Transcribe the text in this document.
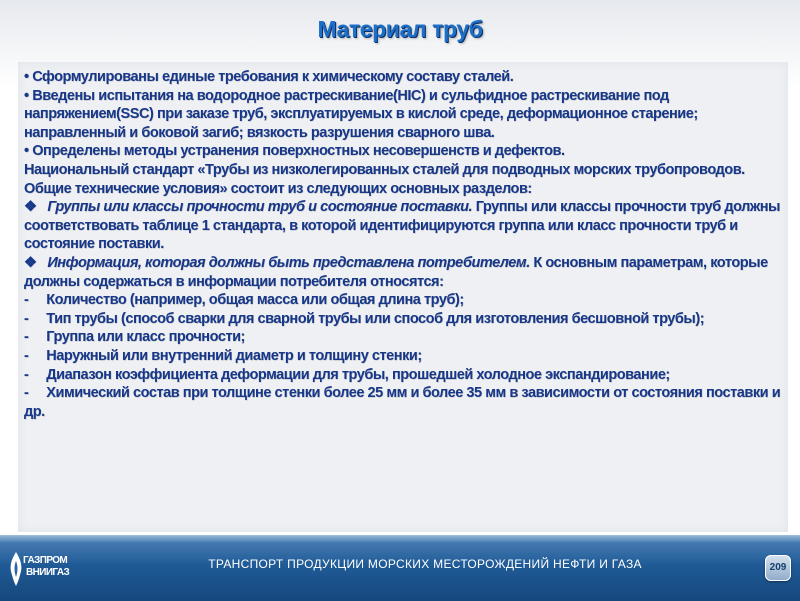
Материал труб

• Сформулированы единые требования к химическому составу сталей.

• Введены испытания на водородное растрескивание(HIC) и сульфидное растрескивание под напряжением(SSC) при заказе труб, эксплуатируемых в кислой среде, деформационное старение; направленный и боковой загиб; вязкость разрушения сварного шва.

• Определены методы устранения поверхностных несовершенств и дефектов.

Национальный стандарт «Трубы из низколегированных сталей для подводных морских трубопроводов. Общие технические условия» состоит из следующих основных разделов:

❖ Группы или классы прочности труб и состояние поставки. Группы или классы прочности труб должны соответствовать таблице 1 стандарта, в которой идентифицируются группа или класс прочности труб и состояние поставки.

❖ Информация, которая должны быть представлена потребителем. К основным параметрам, которые должны содержаться в информации потребителя относятся:

-     Количество (например, общая масса или общая длина труб);

-     Тип трубы (способ сварки для сварной трубы или способ для изготовления бесшовной трубы);

-     Группа или класс прочности;

-     Наружный или внутренний диаметр и толщину стенки;

-     Диапазон коэффициента деформации для трубы, прошедшей холодное экспандирование;

-     Химический состав при толщине стенки более 25 мм и более 35 мм в зависимости от состояния поставки и др.

ГАЗПРОМ
ВНИИГАЗ
ТРАНСПОРТ ПРОДУКЦИИ МОРСКИХ МЕСТОРОЖДЕНИЙ НЕФТИ И ГАЗА	209
